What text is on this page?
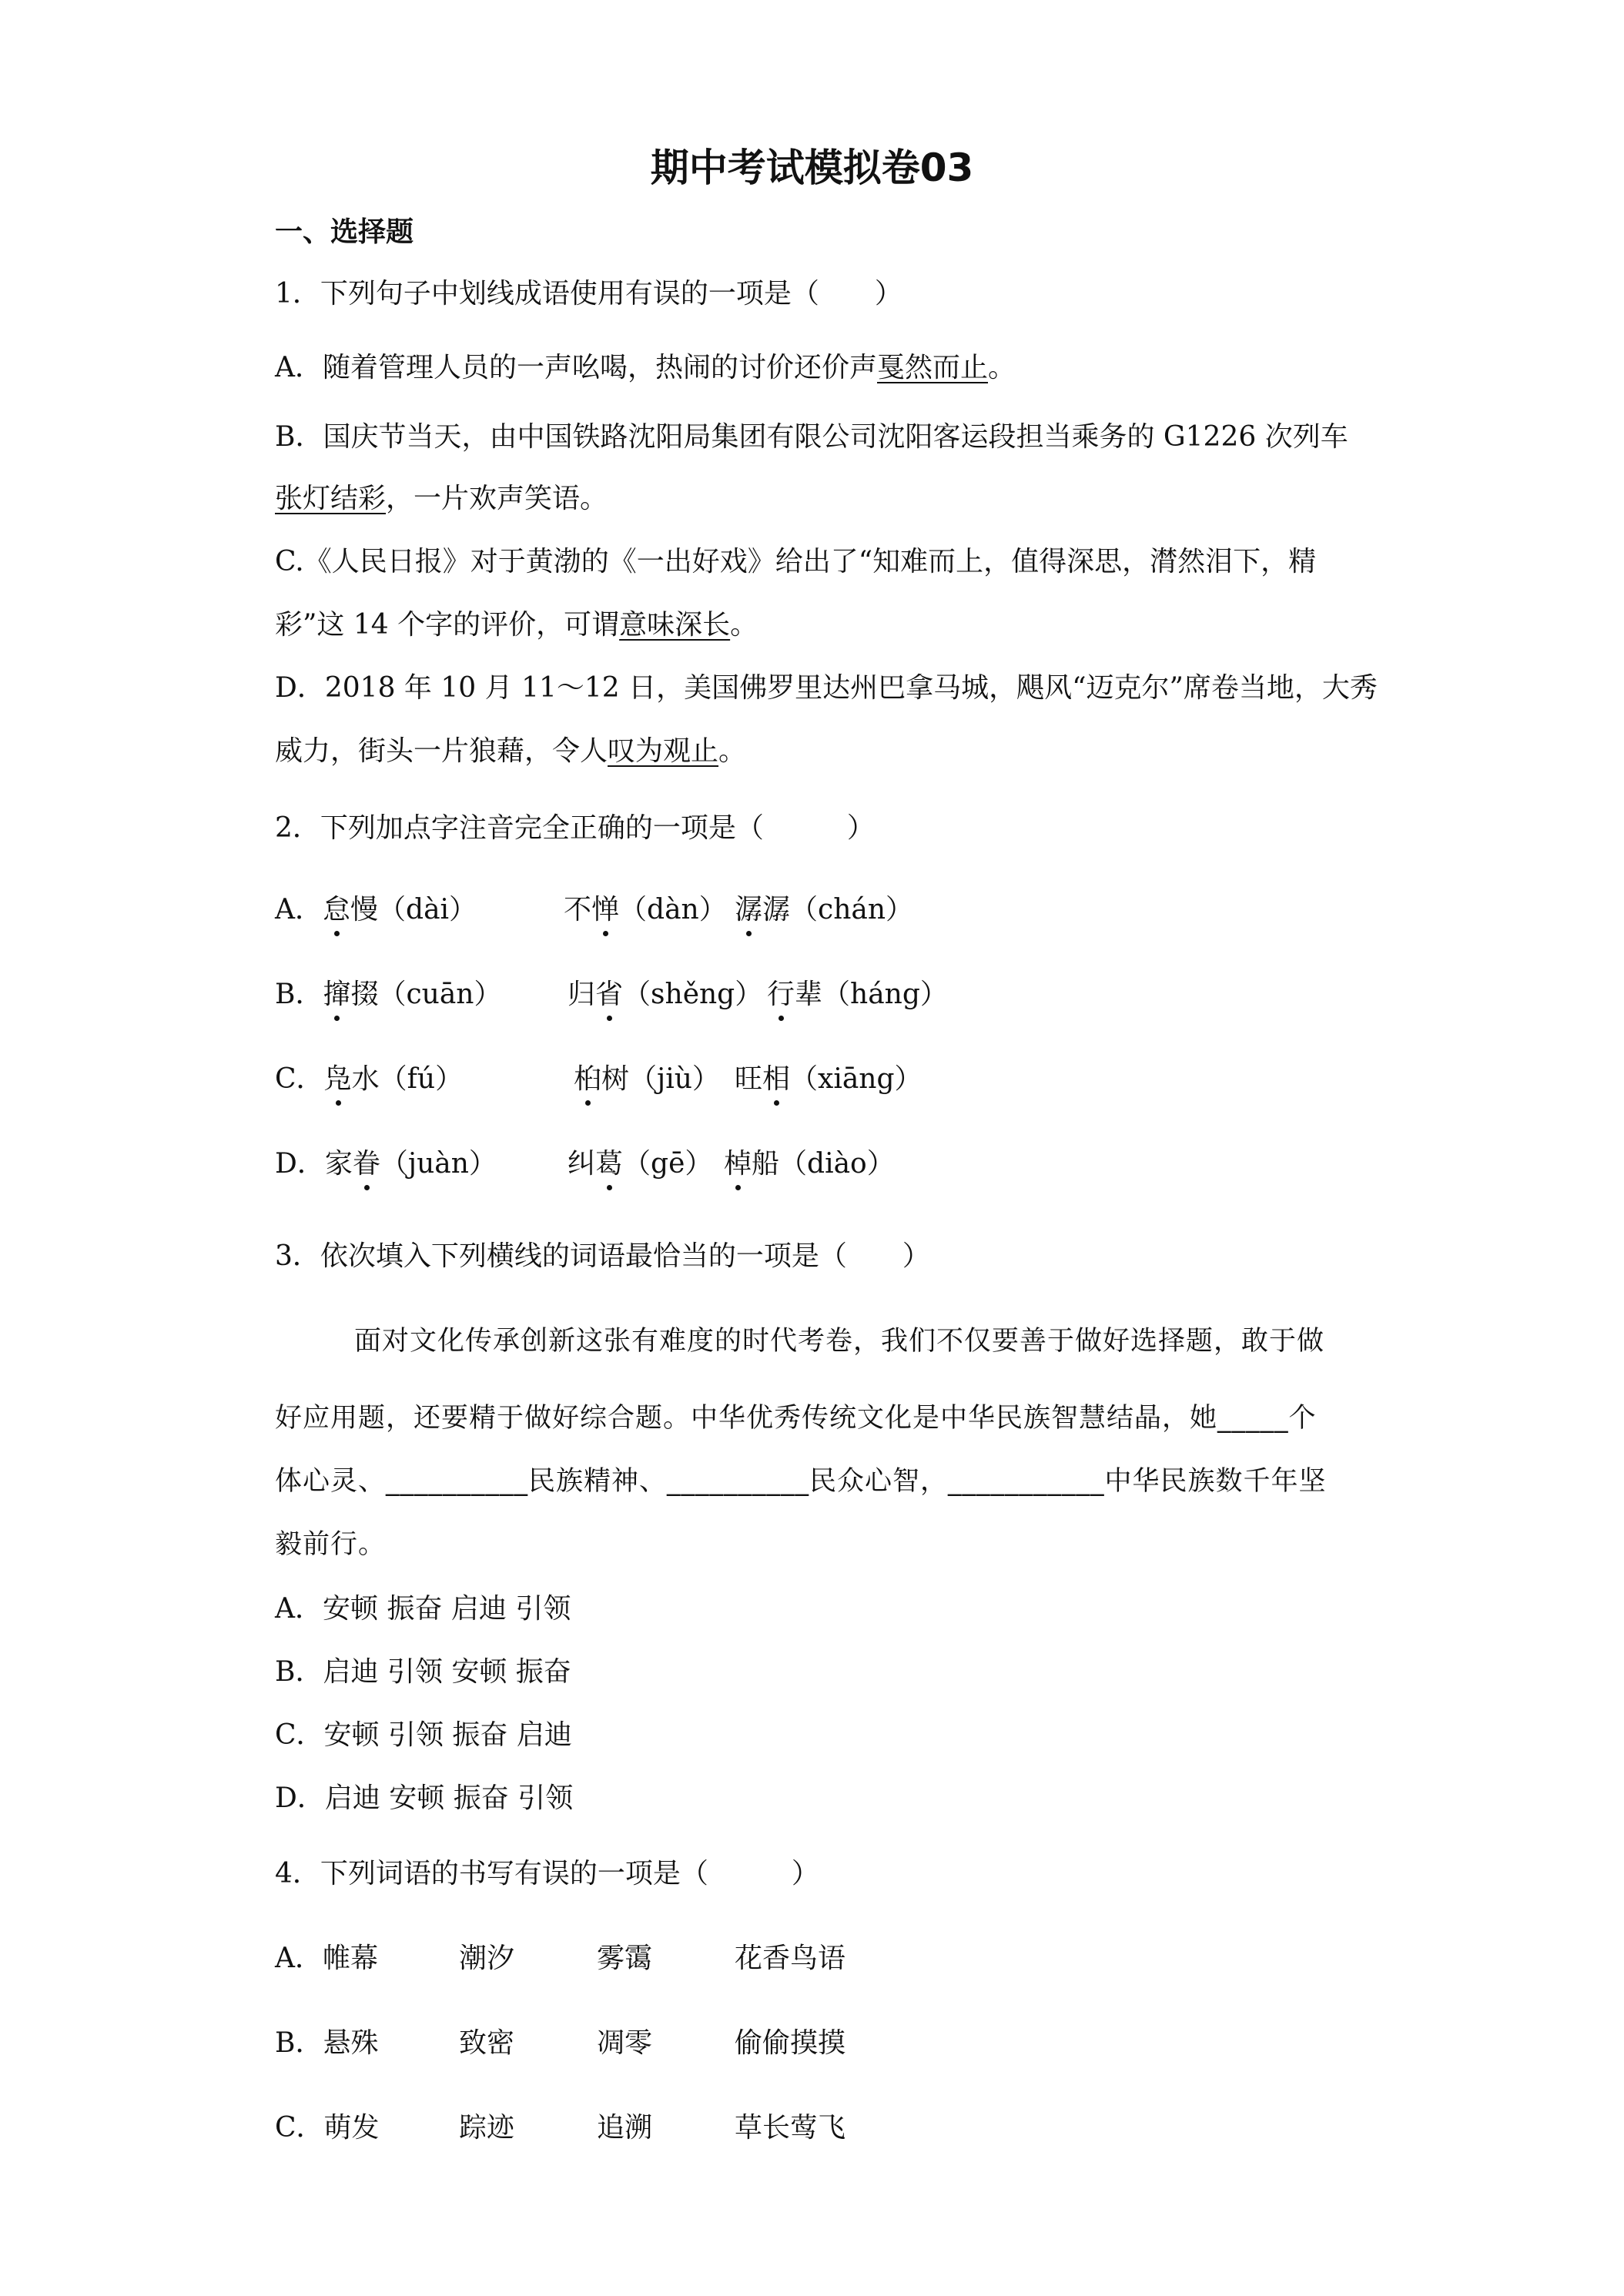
期中考试模拟卷03
一、选择题
1．下列句子中划线成语使用有误的一项是（　　）
A．随着管理人员的一声吆喝，热闹的讨价还价声戛然而止。
B．国庆节当天，由中国铁路沈阳局集团有限公司沈阳客运段担当乘务的 G1226 次列车
张灯结彩，一片欢声笑语。
C.《人民日报》对于黄渤的《一出好戏》给出了“知难而上，值得深思，潸然泪下，精
彩”这 14 个字的评价，可谓意味深长。
D．2018 年 10 月 11～12 日，美国佛罗里达州巴拿马城，飓风“迈克尔”席卷当地，大秀
威力，街头一片狼藉，令人叹为观止。
2．下列加点字注音完全正确的一项是（　　　）
A．怠慢（dài）	不惮（dàn） 潺潺（chán）
B．撺掇（cuān） 归省（shěng） 行辈（háng）
C．凫水（fú）	桕树（jiù） 旺相（xiāng）
D．家眷（juàn）	纠葛（gē） 棹船（diào）
3．依次填入下列横线的词语最恰当的一项是（　　）
面对文化传承创新这张有难度的时代考卷，我们不仅要善于做好选择题，敢于做
好应用题，还要精于做好综合题。中华优秀传统文化是中华民族智慧结晶，她_____个
体心灵、__________民族精神、__________民众心智，___________中华民族数千年坚
毅前行。
A．安顿 振奋 启迪 引领
B．启迪 引领 安顿 振奋
C．安顿 引领 振奋 启迪
D．启迪 安顿 振奋 引领
4．下列词语的书写有误的一项是（　　　）
A．帷幕	潮汐	雾霭	花香鸟语
B．悬殊	致密	凋零	偷偷摸摸
C．萌发	踪迹	追溯	草长莺飞
